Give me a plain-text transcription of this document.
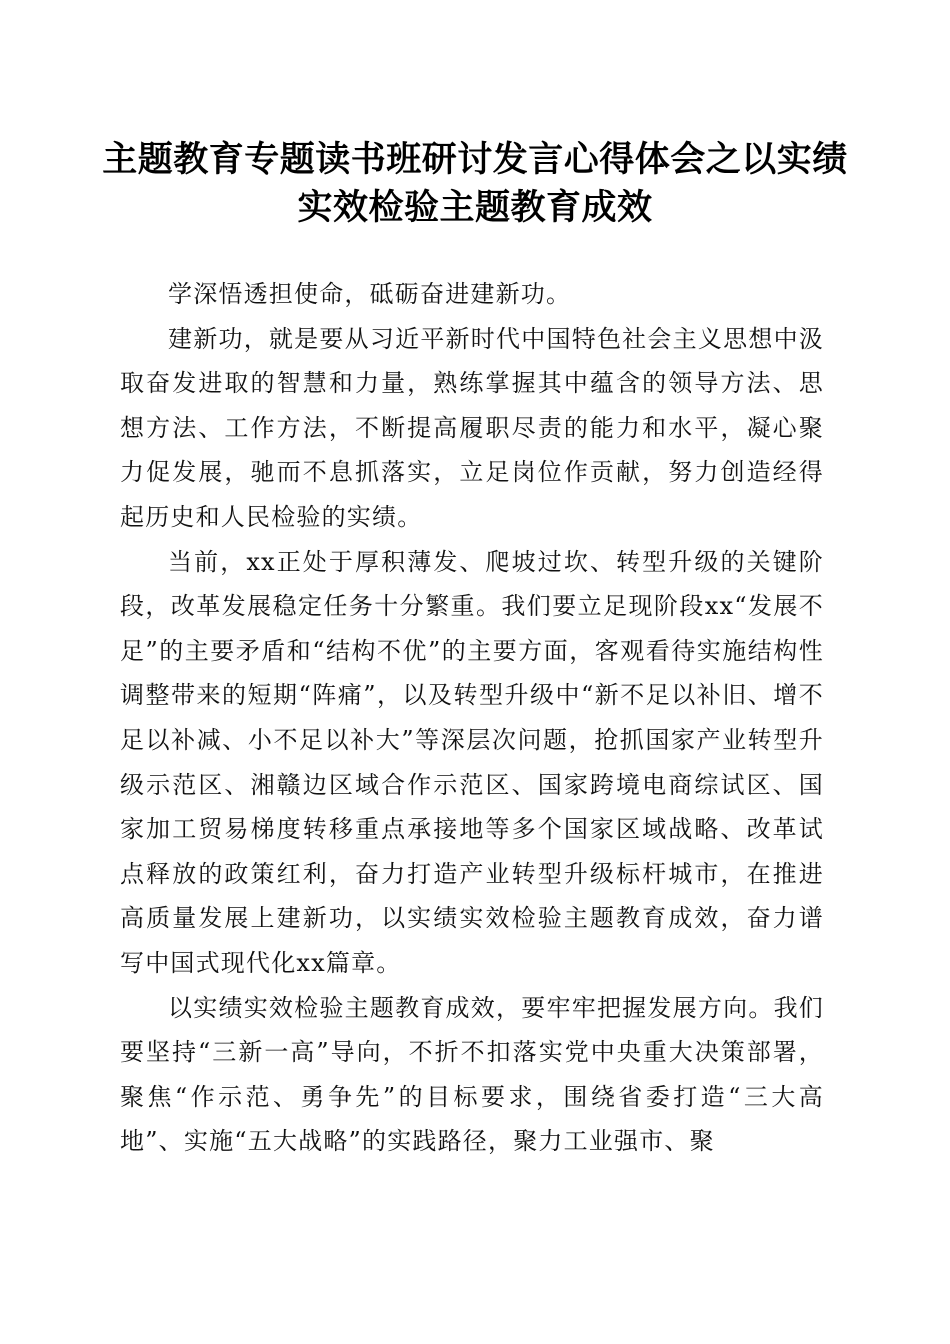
主题教育专题读书班研讨发言心得体会之以实绩实效检验主题教育成效

学深悟透担使命，砥砺奋进建新功。

建新功，就是要从习近平新时代中国特色社会主义思想中汲取奋发进取的智慧和力量，熟练掌握其中蕴含的领导方法、思想方法、工作方法，不断提高履职尽责的能力和水平，凝心聚力促发展，驰而不息抓落实，立足岗位作贡献，努力创造经得起历史和人民检验的实绩。

当前，xx正处于厚积薄发、爬坡过坎、转型升级的关键阶段，改革发展稳定任务十分繁重。我们要立足现阶段xx“发展不足”的主要矛盾和“结构不优”的主要方面，客观看待实施结构性调整带来的短期“阵痛”，以及转型升级中“新不足以补旧、增不足以补减、小不足以补大”等深层次问题，抢抓国家产业转型升级示范区、湘赣边区域合作示范区、国家跨境电商综试区、国家加工贸易梯度转移重点承接地等多个国家区域战略、改革试点释放的政策红利，奋力打造产业转型升级标杆城市，在推进高质量发展上建新功，以实绩实效检验主题教育成效，奋力谱写中国式现代化xx篇章。

以实绩实效检验主题教育成效，要牢牢把握发展方向。我们要坚持“三新一高”导向，不折不扣落实党中央重大决策部署，聚焦“作示范、勇争先”的目标要求，围绕省委打造“三大高地”、实施“五大战略”的实践路径，聚力工业强市、聚
